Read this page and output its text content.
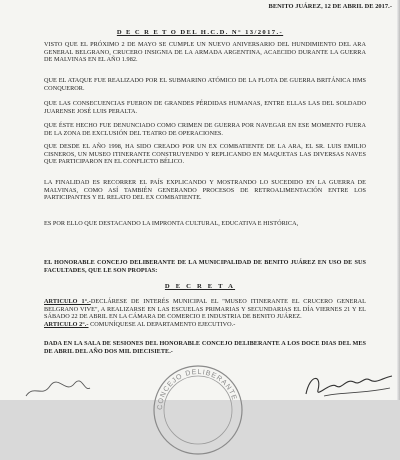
BENITO JUÁREZ, 12 DE ABRIL DE 2017.-

D E C R E T O DEL H.C.D. N° 13/2017.-

VISTO QUE EL PRÓXIMO 2 DE MAYO SE CUMPLE UN NUEVO ANIVERSARIO DEL HUNDIMIENTO DEL ARA GENERAL BELGRANO, CRUCERO INSIGNIA DE LA ARMADA ARGENTINA, ACAECIDO DURANTE LA GUERRA DE MALVINAS EN EL AÑO 1.982.

QUE EL ATAQUE FUE REALIZADO POR EL SUBMARINO ATÓMICO DE LA FLOTA DE GUERRA BRITÁNICA HMS CONQUEROR.

QUE LAS CONSECUENCIAS FUERON DE GRANDES PÉRDIDAS HUMANAS, ENTRE ELLAS LAS DEL SOLDADO JUARENSE JOSÉ LUIS PERALTA.

QUE ÉSTE HECHO FUE DENUNCIADO COMO CRIMEN DE GUERRA POR NAVEGAR EN ESE MOMENTO FUERA DE LA ZONA DE EXCLUSIÓN DEL TEATRO DE OPERACIONES.

QUE DESDE EL AÑO 1998, HA SIDO CREADO POR UN EX COMBATIENTE DE LA ARA, EL SR. LUIS EMILIO CISNEROS, UN MUSEO ITINERANTE CONSTRUYENDO Y REPLICANDO EN MAQUETAS LAS DIVERSAS NAVES QUE PARTICIPARON EN EL CONFLICTO BÉLICO.

LA FINALIDAD ES RECORRER EL PAÍS EXPLICANDO Y MOSTRANDO LO SUCEDIDO EN LA GUERRA DE MALVINAS, COMO ASÍ TAMBIÉN GENERANDO PROCESOS DE RETROALIMENTACIÓN ENTRE LOS PARTICIPANTES Y EL RELATO DEL EX COMBATIENTE.

ES POR ELLO QUE DESTACANDO LA IMPRONTA CULTURAL, EDUCATIVA E HISTÓRICA,

EL HONORABLE CONCEJO DELIBERANTE DE LA MUNICIPALIDAD DE BENITO JUÁREZ EN USO DE SUS FACULTADES, QUE LE SON PROPIAS:

D E C R E T A

ARTICULO 1°.-DECLÁRESE DE INTERÉS MUNICIPAL EL "MUSEO ITINERANTE EL CRUCERO GENERAL BELGRANO VIVE", A REALIZARSE EN LAS ESCUELAS PRIMARIAS Y SECUNDARIAS EL DÍA VIERNES 21 Y EL SÁBADO 22 DE ABRIL EN LA CÁMARA DE COMERCIO E INDUSTRIA DE BENITO JUÁREZ.

ARTICULO 2°.- COMUNÍQUESE AL DEPARTAMENTO EJECUTIVO.-

DADA EN LA SALA DE SESIONES DEL HONORABLE CONCEJO DELIBERANTE A LOS DOCE DIAS DEL MES DE ABRIL DEL AÑO DOS MIL DIECISIETE.-

CONCEJO DELIBERANTE
